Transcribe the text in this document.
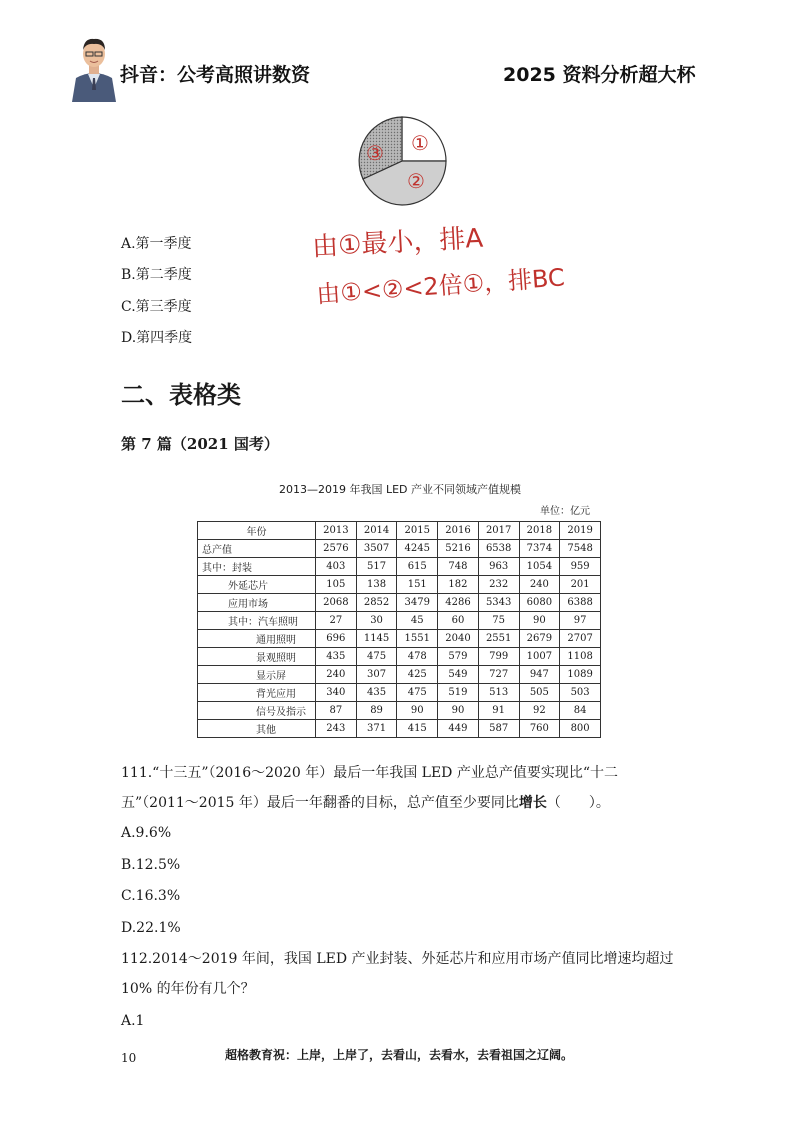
抖音：公考高照讲数资	2025 资料分析超大杯
①
②
③
A.第一季度
B.第二季度
C.第三季度
D.第四季度
由①最小，排A
由①<②<2倍①，排BC
二、表格类
第 7 篇（2021 国考）
2013—2019 年我国 LED 产业不同领域产值规模
单位：亿元
年份	2013	2014	2015	2016	2017	2018	2019
总产值	2576	3507	4245	5216	6538	7374	7548
其中：封装	403	517	615	748	963	1054	959
外延芯片	105	138	151	182	232	240	201
应用市场	2068	2852	3479	4286	5343	6080	6388
其中：汽车照明	27	30	45	60	75	90	97
通用照明	696	1145	1551	2040	2551	2679	2707
景观照明	435	475	478	579	799	1007	1108
显示屏	240	307	425	549	727	947	1089
背光应用	340	435	475	519	513	505	503
信号及指示	87	89	90	90	91	92	84
其他	243	371	415	449	587	760	800
111.“十三五”（2016～2020 年）最后一年我国 LED 产业总产值要实现比“十二五”（2011～2015 年）最后一年翻番的目标，总产值至少要同比增长（　　）。
A.9.6%
B.12.5%
C.16.3%
D.22.1%
112.2014～2019 年间，我国 LED 产业封装、外延芯片和应用市场产值同比增速均超过 10% 的年份有几个？
A.1
10	超格教育祝：上岸，上岸了，去看山，去看水，去看祖国之辽阔。
